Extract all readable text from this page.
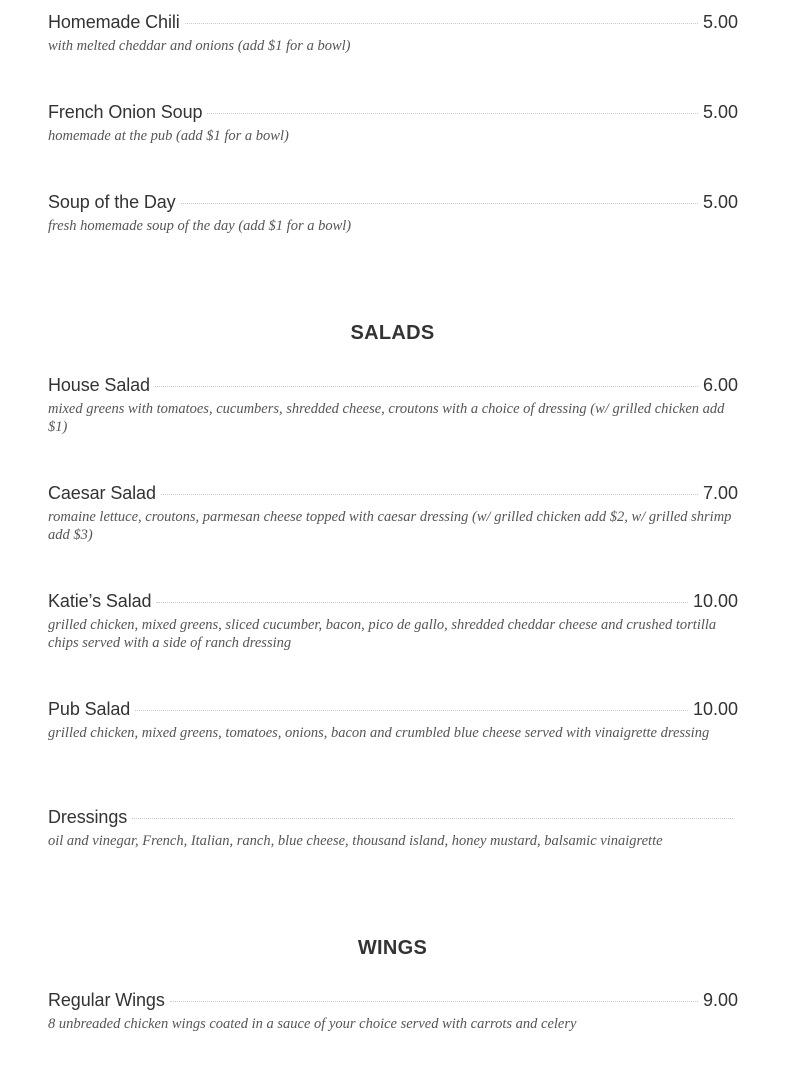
Homemade Chili	5.00
with melted cheddar and onions (add $1 for a bowl)
French Onion Soup	5.00
homemade at the pub (add $1 for a bowl)
Soup of the Day	5.00
fresh homemade soup of the day (add $1 for a bowl)
SALADS
House Salad	6.00
mixed greens with tomatoes, cucumbers, shredded cheese, croutons with a choice of dressing (w/ grilled chicken add $1)
Caesar Salad	7.00
romaine lettuce, croutons, parmesan cheese topped with caesar dressing (w/ grilled chicken add $2, w/ grilled shrimp add $3)
Katie’s Salad	10.00
grilled chicken, mixed greens, sliced cucumber, bacon, pico de gallo, shredded cheddar cheese and crushed tortilla chips served with a side of ranch dressing
Pub Salad	10.00
grilled chicken, mixed greens, tomatoes, onions, bacon and crumbled blue cheese served with vinaigrette dressing
Dressings
oil and vinegar, French, Italian, ranch, blue cheese, thousand island, honey mustard, balsamic vinaigrette
WINGS
Regular Wings	9.00
8 unbreaded chicken wings coated in a sauce of your choice served with carrots and celery
